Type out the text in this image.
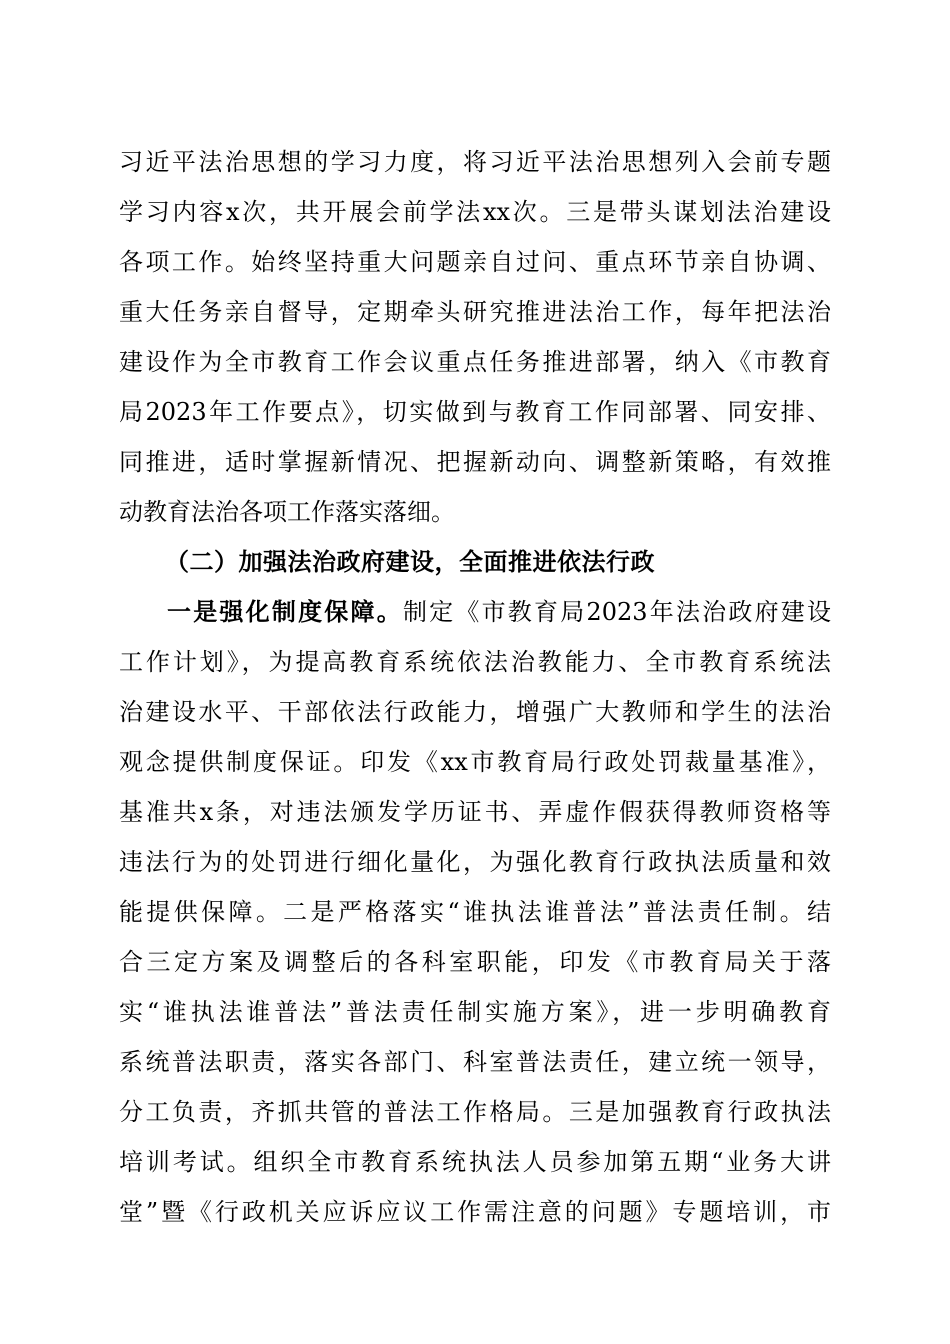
习近平法治思想的学习力度，将习近平法治思想列入会前专题
学习内容x次，共开展会前学法xx次。三是带头谋划法治建设
各项工作。始终坚持重大问题亲自过问、重点环节亲自协调、
重大任务亲自督导，定期牵头研究推进法治工作，每年把法治
建设作为全市教育工作会议重点任务推进部署，纳入《市教育
局2023年工作要点》，切实做到与教育工作同部署、同安排、
同推进，适时掌握新情况、把握新动向、调整新策略，有效推
动教育法治各项工作落实落细。
（二）加强法治政府建设，全面推进依法行政
一是强化制度保障。制定《市教育局2023年法治政府建设
工作计划》，为提高教育系统依法治教能力、全市教育系统法
治建设水平、干部依法行政能力，增强广大教师和学生的法治
观念提供制度保证。印发《xx市教育局行政处罚裁量基准》，
基准共x条，对违法颁发学历证书、弄虚作假获得教师资格等
违法行为的处罚进行细化量化，为强化教育行政执法质量和效
能提供保障。二是严格落实“谁执法谁普法”普法责任制。结
合三定方案及调整后的各科室职能，印发《市教育局关于落
实“谁执法谁普法”普法责任制实施方案》，进一步明确教育
系统普法职责，落实各部门、科室普法责任，建立统一领导，
分工负责，齐抓共管的普法工作格局。三是加强教育行政执法
培训考试。组织全市教育系统执法人员参加第五期“业务大讲
堂”暨《行政机关应诉应议工作需注意的问题》专题培训，市
